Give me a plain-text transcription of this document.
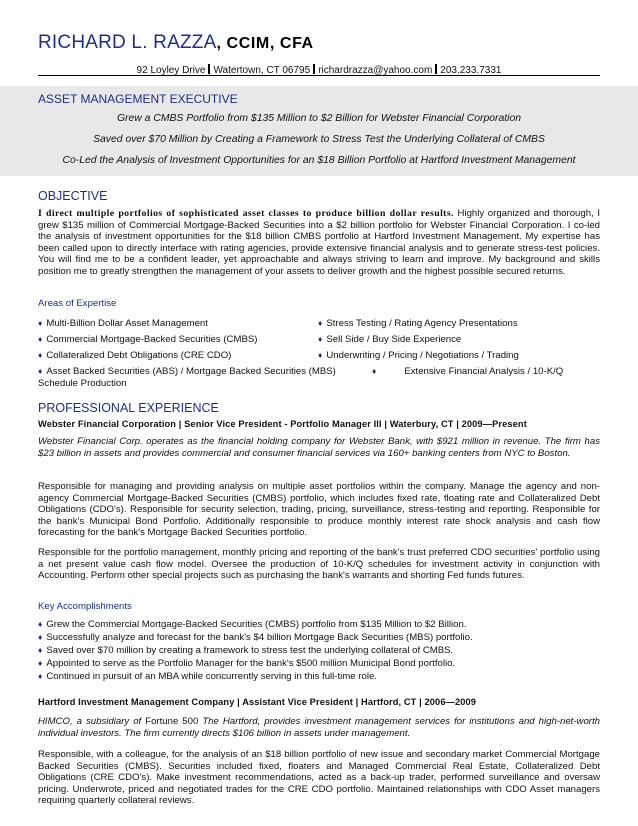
RICHARD L. RAZZA, CCIM, CFA
92 Loyley Drive Watertown, CT 06795 richardrazza@yahoo.com 203.233.7331
ASSET MANAGEMENT EXECUTIVE
Grew a CMBS Portfolio from $135 Million to $2 Billion for Webster Financial Corporation
Saved over $70 Million by Creating a Framework to Stress Test the Underlying Collateral of CMBS
Co-Led the Analysis of Investment Opportunities for an $18 Billion Portfolio at Hartford Investment Management
OBJECTIVE
I direct multiple portfolios of sophisticated asset classes to produce billion dollar results. Highly organized and thorough, I grew $135 million of Commercial Mortgage-Backed Securities into a $2 billion portfolio for Webster Financial Corporation. I co-led the analysis of investment opportunities for the $18 billion CMBS portfolio at Hartford Investment Management. My expertise has been called upon to directly interface with rating agencies, provide extensive financial analysis and to generate stress-test policies. You will find me to be a confident leader, yet approachable and always striving to learn and improve. My background and skills position me to greatly strengthen the management of your assets to deliver growth and the highest possible secured returns.
Areas of Expertise
♦ Multi-Billion Dollar Asset Management
♦ Commercial Mortgage-Backed Securities (CMBS)
♦ Collateralized Debt Obligations (CRE CDO)
♦ Asset Backed Securities (ABS) / Mortgage Backed Securities (MBS)
♦ Stress Testing / Rating Agency Presentations
♦ Sell Side / Buy Side Experience
♦ Underwriting / Pricing / Negotiations / Trading
♦	Extensive Financial Analysis / 10-K/Q
Schedule Production
PROFESSIONAL EXPERIENCE
Webster Financial Corporation | Senior Vice President - Portfolio Manager III | Waterbury, CT | 2009—Present
Webster Financial Corp. operates as the financial holding company for Webster Bank, with $921 million in revenue. The firm has $23 billion in assets and provides commercial and consumer financial services via 160+ banking centers from NYC to Boston.
Responsible for managing and providing analysis on multiple asset portfolios within the company. Manage the agency and non-agency Commercial Mortgage-Backed Securities (CMBS) portfolio, which includes fixed rate, floating rate and Collateralized Debt Obligations (CDO's). Responsible for security selection, trading, pricing, surveillance, stress-testing and reporting. Responsible for the bank's Municipal Bond Portfolio. Additionally responsible to produce monthly interest rate shock analysis and cash flow forecasting for the bank's Mortgage Backed Securities portfolio.
Responsible for the portfolio management, monthly pricing and reporting of the bank's trust preferred CDO securities' portfolio using a net present value cash flow model. Oversee the production of 10-K/Q schedules for investment activity in conjunction with Accounting. Perform other special projects such as purchasing the bank's warrants and shorting Fed funds futures.
Key Accomplishments
♦ Grew the Commercial Mortgage-Backed Securities (CMBS) portfolio from $135 Million to $2 Billion.
♦ Successfully analyze and forecast for the bank's $4 billion Mortgage Back Securities (MBS) portfolio.
♦ Saved over $70 million by creating a framework to stress test the underlying collateral of CMBS.
♦ Appointed to serve as the Portfolio Manager for the bank's $500 million Municipal Bond portfolio.
♦ Continued in pursuit of an MBA while concurrently serving in this full-time role.
Hartford Investment Management Company | Assistant Vice President | Hartford, CT | 2006—2009
HIMCO, a subsidiary of Fortune 500 The Hartford, provides investment management services for institutions and high-net-worth individual investors. The firm currently directs $106 billion in assets under management.
Responsible, with a colleague, for the analysis of an $18 billion portfolio of new issue and secondary market Commercial Mortgage Backed Securities (CMBS). Securities included fixed, floaters and Managed Commercial Real Estate, Collateralized Debt Obligations (CRE CDO's). Make investment recommendations, acted as a back-up trader, performed surveillance and oversaw pricing. Underwrote, priced and negotiated trades for the CRE CDO portfolio. Maintained relationships with CDO Asset managers requiring quarterly collateral reviews.
